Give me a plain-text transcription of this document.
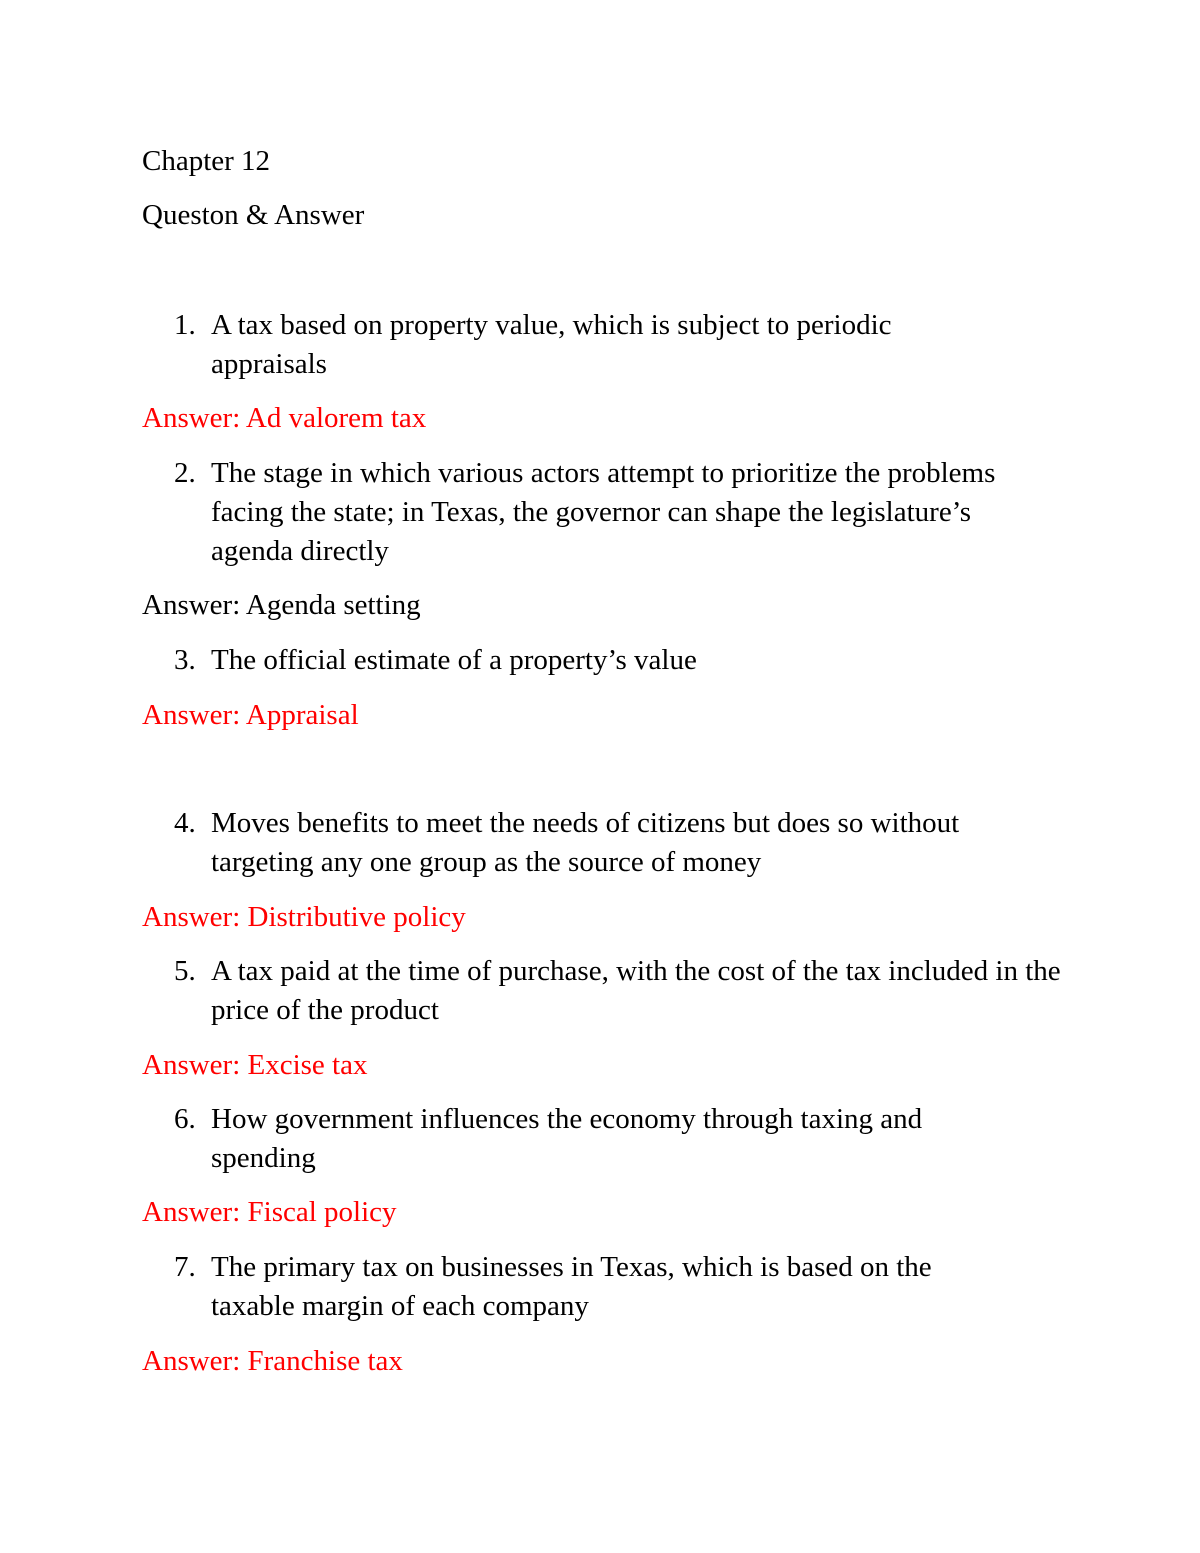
Chapter 12

Queston & Answer

1. A tax based on property value, which is subject to periodic appraisals

Answer: Ad valorem tax

2. The stage in which various actors attempt to prioritize the problems facing the state; in Texas, the governor can shape the legislature’s agenda directly

Answer: Agenda setting

3. The official estimate of a property’s value

Answer: Appraisal

4. Moves benefits to meet the needs of citizens but does so without targeting any one group as the source of money

Answer: Distributive policy

5. A tax paid at the time of purchase, with the cost of the tax included in the price of the product

Answer: Excise tax

6. How government influences the economy through taxing and spending

Answer: Fiscal policy

7. The primary tax on businesses in Texas, which is based on the taxable margin of each company

Answer: Franchise tax
